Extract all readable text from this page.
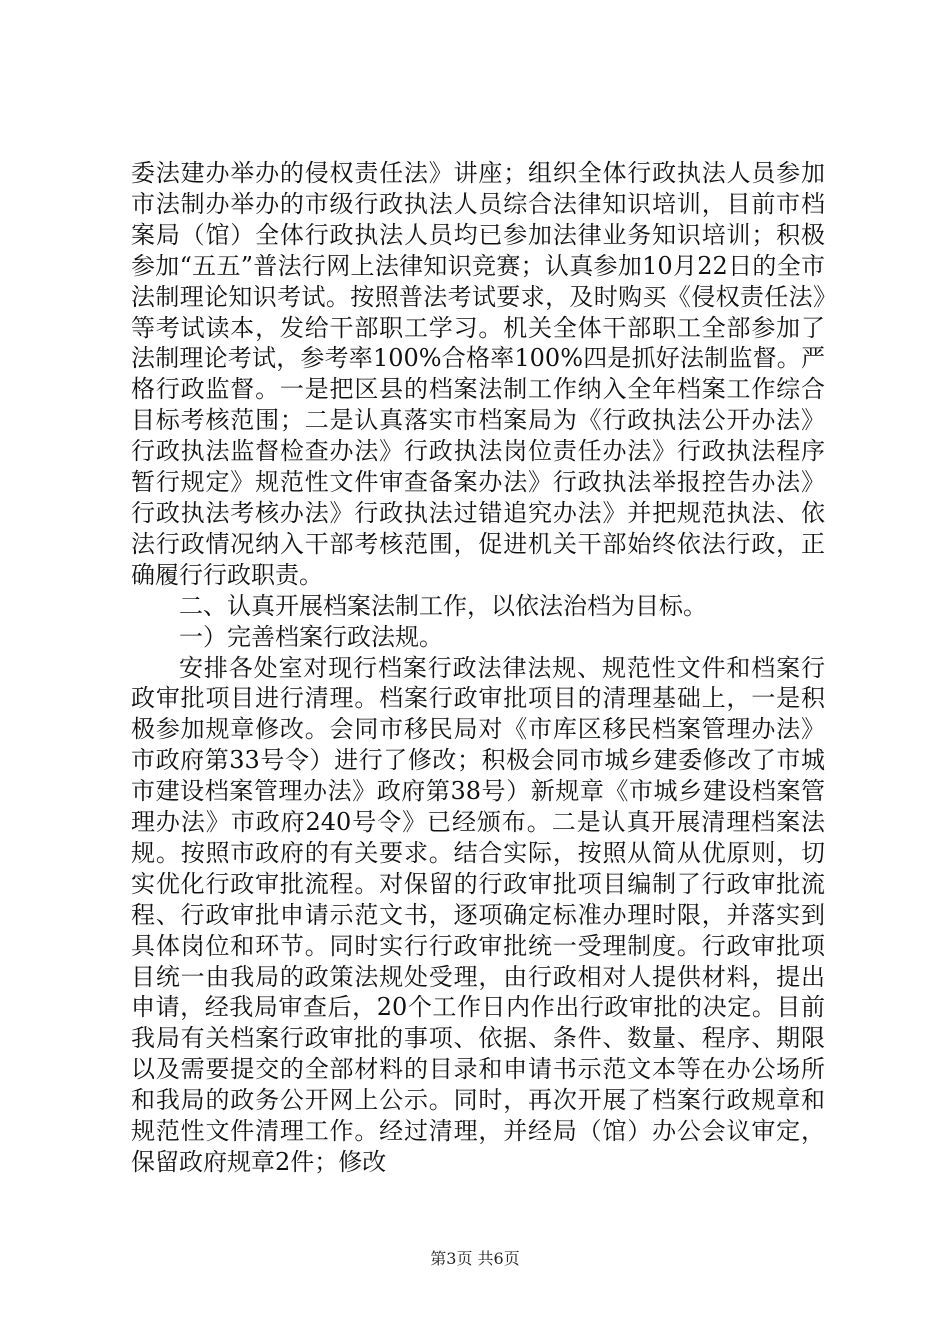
委法建办举办的侵权责任法》讲座；组织全体行政执法人员参加市法制办举办的市级行政执法人员综合法律知识培训，目前市档案局（馆）全体行政执法人员均已参加法律业务知识培训；积极参加“五五”普法行网上法律知识竞赛；认真参加10月22日的全市法制理论知识考试。按照普法考试要求，及时购买《侵权责任法》等考试读本，发给干部职工学习。机关全体干部职工全部参加了法制理论考试，参考率100%合格率100%四是抓好法制监督。严格行政监督。一是把区县的档案法制工作纳入全年档案工作综合目标考核范围；二是认真落实市档案局为《行政执法公开办法》行政执法监督检查办法》行政执法岗位责任办法》行政执法程序暂行规定》规范性文件审查备案办法》行政执法举报控告办法》行政执法考核办法》行政执法过错追究办法》并把规范执法、依法行政情况纳入干部考核范围，促进机关干部始终依法行政，正确履行行政职责。

二、认真开展档案法制工作，以依法治档为目标。

一）完善档案行政法规。

安排各处室对现行档案行政法律法规、规范性文件和档案行政审批项目进行清理。档案行政审批项目的清理基础上，一是积极参加规章修改。会同市移民局对《市库区移民档案管理办法》市政府第33号令）进行了修改；积极会同市城乡建委修改了市城市建设档案管理办法》政府第38号）新规章《市城乡建设档案管理办法》市政府240号令》已经颁布。二是认真开展清理档案法规。按照市政府的有关要求。结合实际，按照从简从优原则，切实优化行政审批流程。对保留的行政审批项目编制了行政审批流程、行政审批申请示范文书，逐项确定标准办理时限，并落实到具体岗位和环节。同时实行行政审批统一受理制度。行政审批项目统一由我局的政策法规处受理，由行政相对人提供材料，提出申请，经我局审查后，20个工作日内作出行政审批的决定。目前我局有关档案行政审批的事项、依据、条件、数量、程序、期限以及需要提交的全部材料的目录和申请书示范文本等在办公场所和我局的政务公开网上公示。同时，再次开展了档案行政规章和规范性文件清理工作。经过清理，并经局（馆）办公会议审定，保留政府规章2件；修改

第3页 共6页
